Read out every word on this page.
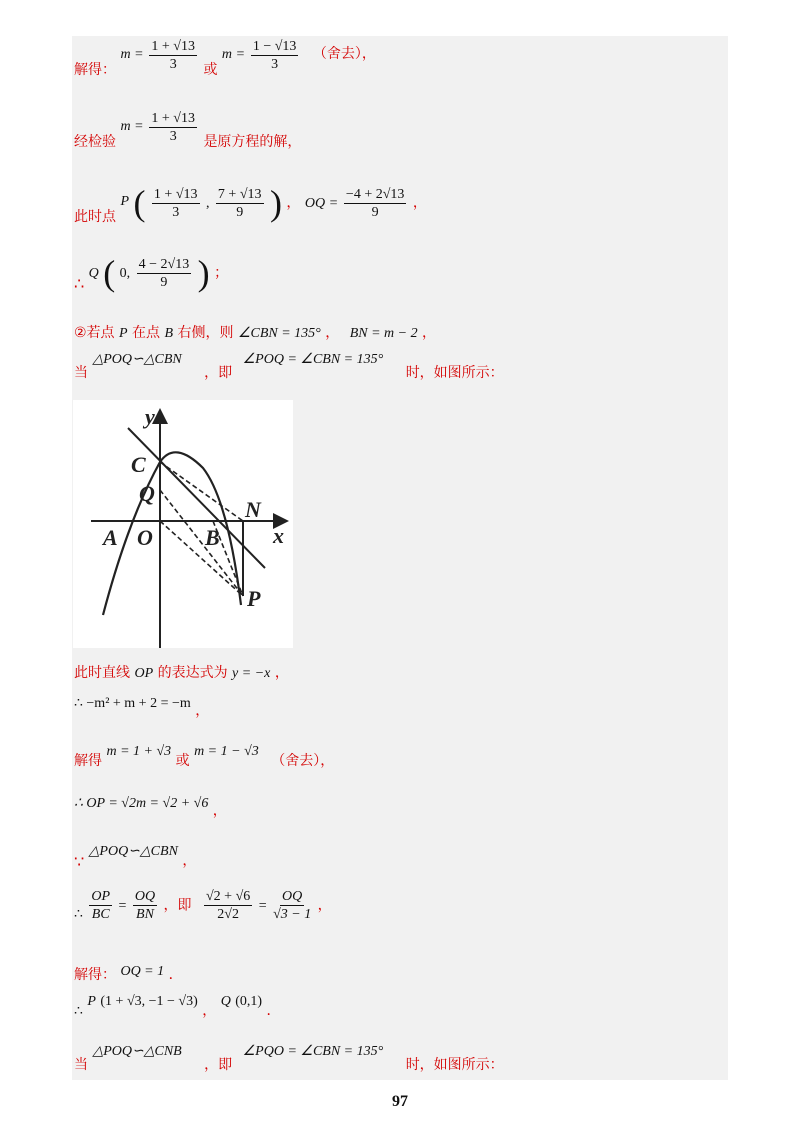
解得： $m = \frac{1 + √13}{3}$ 或 $m = \frac{1 - √13}{3}$ （舍去），
经检验 $m = \frac{1 + √13}{3}$ 是原方程的解，
此时点 P ( $\frac{1 + √13}{3}$ , $\frac{7 + √13}{9}$ ) ， OQ = $\frac{-4 + 2√13}{9}$ ，
∴ Q ( 0, $\frac{4 - 2√13}{9}$ ) ；
②若点 P 在点 B 右侧，则 ∠CBN = 135° ， BN = m − 2 ，
当 △POQ∽△CBN ，即 ∠POQ = ∠CBN = 135° 时，如图所示：
y
x
C
Q
N
A O B
P
此时直线 OP 的表达式为 y = −x ，
∴ −m² + m + 2 = −m ，
解得 m = 1 + √3 或 m = 1 − √3 （舍去），
∴ OP = √2m = √2 + √6 ，
∵ △POQ∽△CBN ，
∴ $\frac{OP}{BC} = \frac{OQ}{BN}$ ，即 $\frac{√2 + √6}{2√2} = \frac{OQ}{√3 - 1}$ ，
解得： OQ = 1 ．
∴ P (1 + √3, −1 − √3) ， Q (0,1) ．
当 △POQ∽△CNB ，即 ∠PQO = ∠CBN = 135° 时，如图所示：
97
